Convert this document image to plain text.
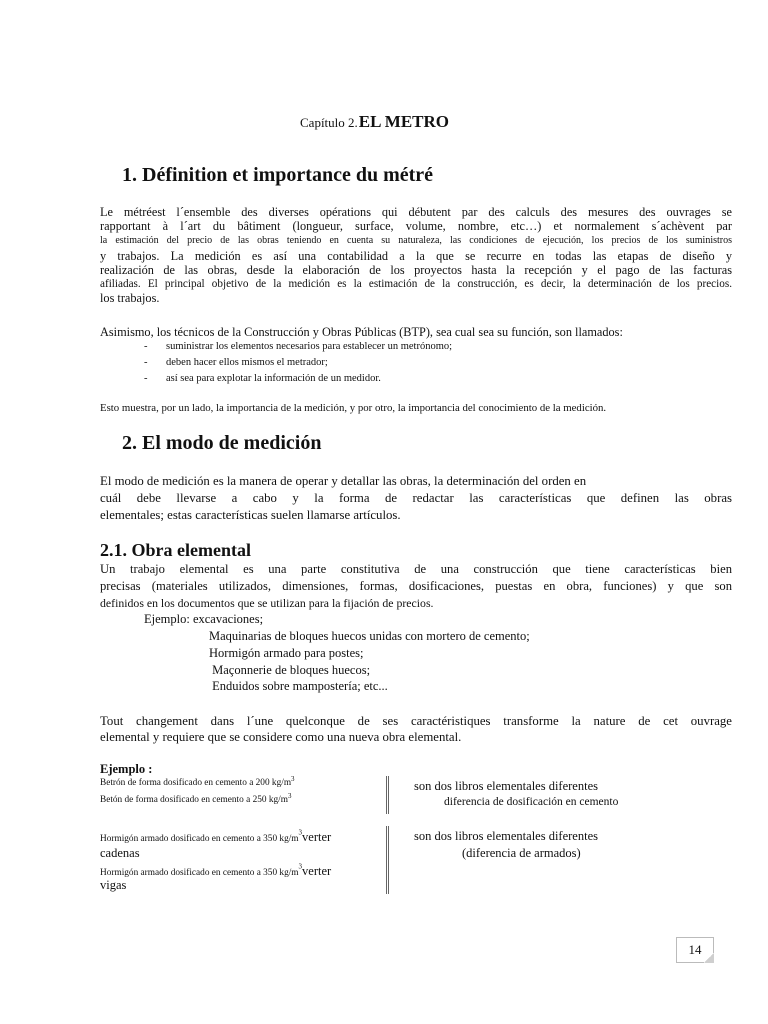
Capítulo 2.EL METRO
1. Définition et importance du métré
Le métréest l´ensemble des diverses opérations qui débutent par des calculs des mesures des ouvrages se
rapportant à l´art du bâtiment (longueur, surface, volume, nombre, etc…) et normalement s´achèvent par
la estimación del precio de las obras teniendo en cuenta su naturaleza, las condiciones de ejecución, los precios de los suministros
y trabajos. La medición es así una contabilidad a la que se recurre en todas las etapas de diseño y
realización de las obras, desde la elaboración de los proyectos hasta la recepción y el pago de las facturas
afiliadas. El principal objetivo de la medición es la estimación de la construcción, es decir, la determinación de los precios.
los trabajos.
Asimismo, los técnicos de la Construcción y Obras Públicas (BTP), sea cual sea su función, son llamados:
- suministrar los elementos necesarios para establecer un metrónomo;
- deben hacer ellos mismos el metrador;
- así sea para explotar la información de un medidor.
Esto muestra, por un lado, la importancia de la medición, y por otro, la importancia del conocimiento de la medición.
2. El modo de medición
El modo de medición es la manera de operar y detallar las obras, la determinación del orden en
cuál debe llevarse a cabo y la forma de redactar las características que definen las obras
elementales; estas características suelen llamarse artículos.
2.1. Obra elemental
Un trabajo elemental es una parte constitutiva de una construcción que tiene características bien
precisas (materiales utilizados, dimensiones, formas, dosificaciones, puestas en obra, funciones) y que son
definidos en los documentos que se utilizan para la fijación de precios.
Ejemplo: excavaciones;
Maquinarias de bloques huecos unidas con mortero de cemento;
Hormigón armado para postes;
Maçonnerie de bloques huecos;
Enduidos sobre mampostería; etc...
Tout changement dans l´une quelconque de ses caractéristiques transforme la nature de cet ouvrage
elemental y requiere que se considere como una nueva obra elemental.
Ejemplo :
Betrón de forma dosificado en cemento a 200 $kg/m^3$
Betón de forma dosificado en cemento a 250 $kg/m^3$
son dos libros elementales diferentes
diferencia de dosificación en cemento
Hormigón armado dosificado en cemento a 350 $kg/m^3verter$
cadenas
Hormigón armado dosificado en cemento a 350 $kg/m^3verter$
vigas
son dos libros elementales diferentes
(diferencia de armados)
14
